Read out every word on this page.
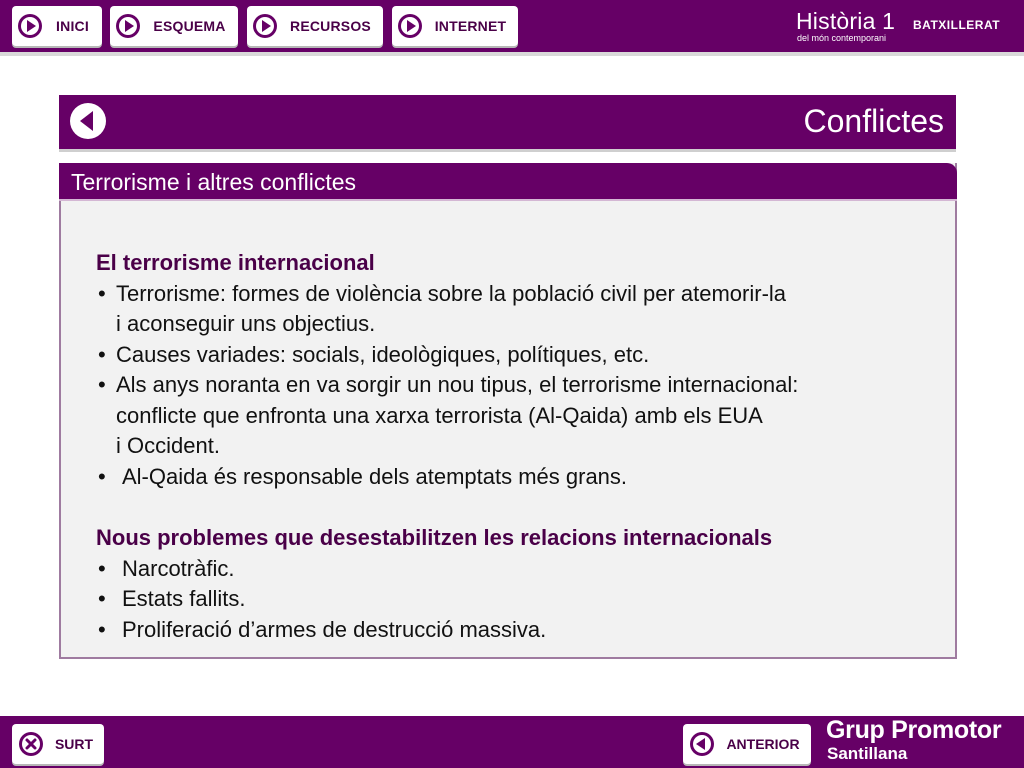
INICI	ESQUEMA	RECURSOS	INTERNET	Història 1 BATXILLERAT
del món contemporani
Conflictes
Terrorisme i altres conflictes
El terrorisme internacional
• Terrorisme: formes de violència sobre la població civil per atemorir-la
i aconseguir uns objectius.
• Causes variades: socials, ideològiques, polítiques, etc.
• Als anys noranta en va sorgir un nou tipus, el terrorisme internacional:
conflicte que enfronta una xarxa terrorista (Al-Qaida) amb els EUA
i Occident.
• Al-Qaida és responsable dels atemptats més grans.
Nous problemes que desestabilitzen les relacions internacionals
• Narcotràfic.
• Estats fallits.
• Proliferació d’armes de destrucció massiva.
SURT	ANTERIOR	Grup Promotor
Santillana
